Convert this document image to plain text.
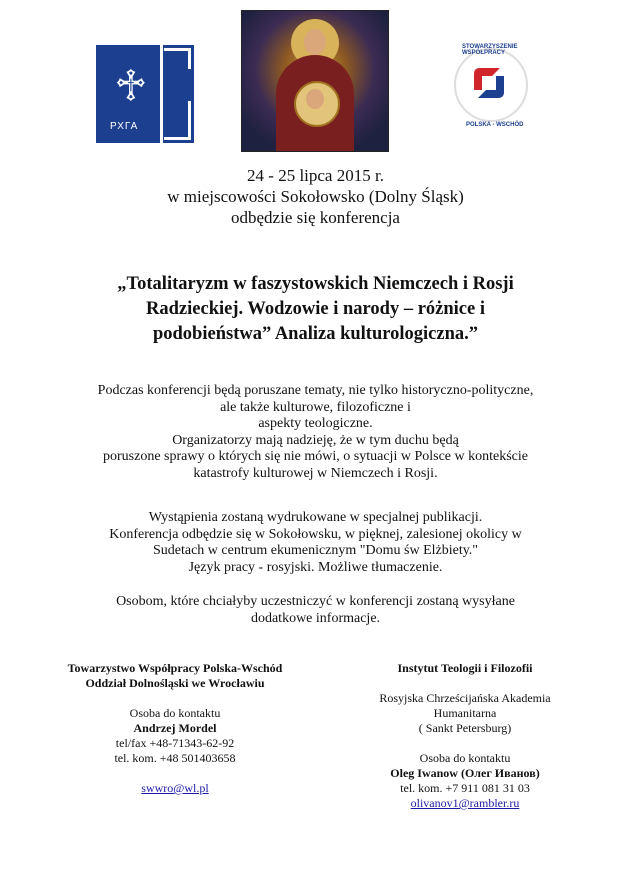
♱
РХГА
STOWARZYSZENIE WSPÓŁPRACY
POLSKA - WSCHÓD
24 - 25 lipca 2015 r.
w miejscowości Sokołowsko (Dolny Śląsk)
odbędzie się konferencja
„Totalitaryzm w faszystowskich Niemczech i Rosji
Radzieckiej. Wodzowie i narody – różnice i
podobieństwa” Analiza kulturologiczna.”
Podczas konferencji będą poruszane tematy, nie tylko historyczno-polityczne,
ale także kulturowe, filozoficzne i
aspekty teologiczne.
Organizatorzy mają nadzieję, że w tym duchu będą
poruszone sprawy o których się nie mówi, o sytuacji w Polsce w kontekście
katastrofy kulturowej w Niemczech i Rosji.
Wystąpienia zostaną wydrukowane w specjalnej publikacji.
Konferencja odbędzie się w Sokołowsku, w pięknej, zalesionej okolicy w
Sudetach w centrum ekumenicznym "Domu św Elżbiety."
Język pracy - rosyjski. Możliwe tłumaczenie.
Osobom, które chciałyby uczestniczyć w konferencji zostaną wysyłane
dodatkowe informacje.
Towarzystwo Współpracy Polska-Wschód
Oddział Dolnośląski we Wrocławiu
Osoba do kontaktu
Andrzej Mordel
tel/fax +48-71343-62-92
tel. kom. +48 501403658
swwro@wl.pl
Instytut Teologii i Filozofii
Rosyjska Chrześcijańska Akademia
Humanitarna
( Sankt Petersburg)
Osoba do kontaktu
Oleg Iwanow (Олег Иванов)
tel. kom. +7 911 081 31 03
olivanov1@rambler.ru
